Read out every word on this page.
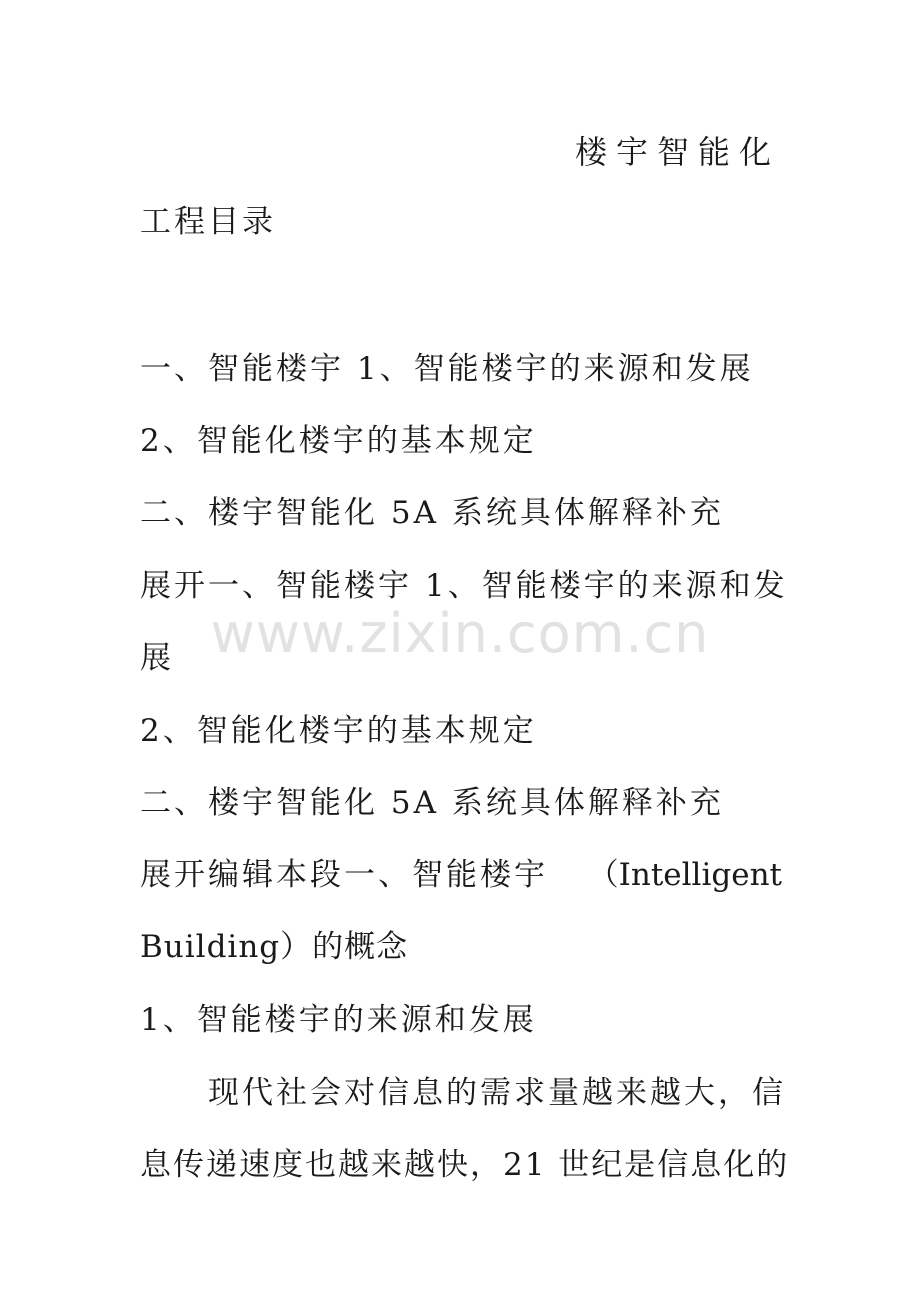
楼宇智能化
工程目录
一、智能楼宇 1、智能楼宇的来源和发展
2、智能化楼宇的基本规定
二、楼宇智能化 5A 系统具体解释补充
展开一、智能楼宇 1、智能楼宇的来源和发
展
2、智能化楼宇的基本规定
二、楼宇智能化 5A 系统具体解释补充
展开编辑本段一、智能楼宇 （Intelligent
Building）的概念
1、智能楼宇的来源和发展
现代社会对信息的需求量越来越大，信
息传递速度也越来越快，21 世纪是信息化的
www.zixin.com.cn
